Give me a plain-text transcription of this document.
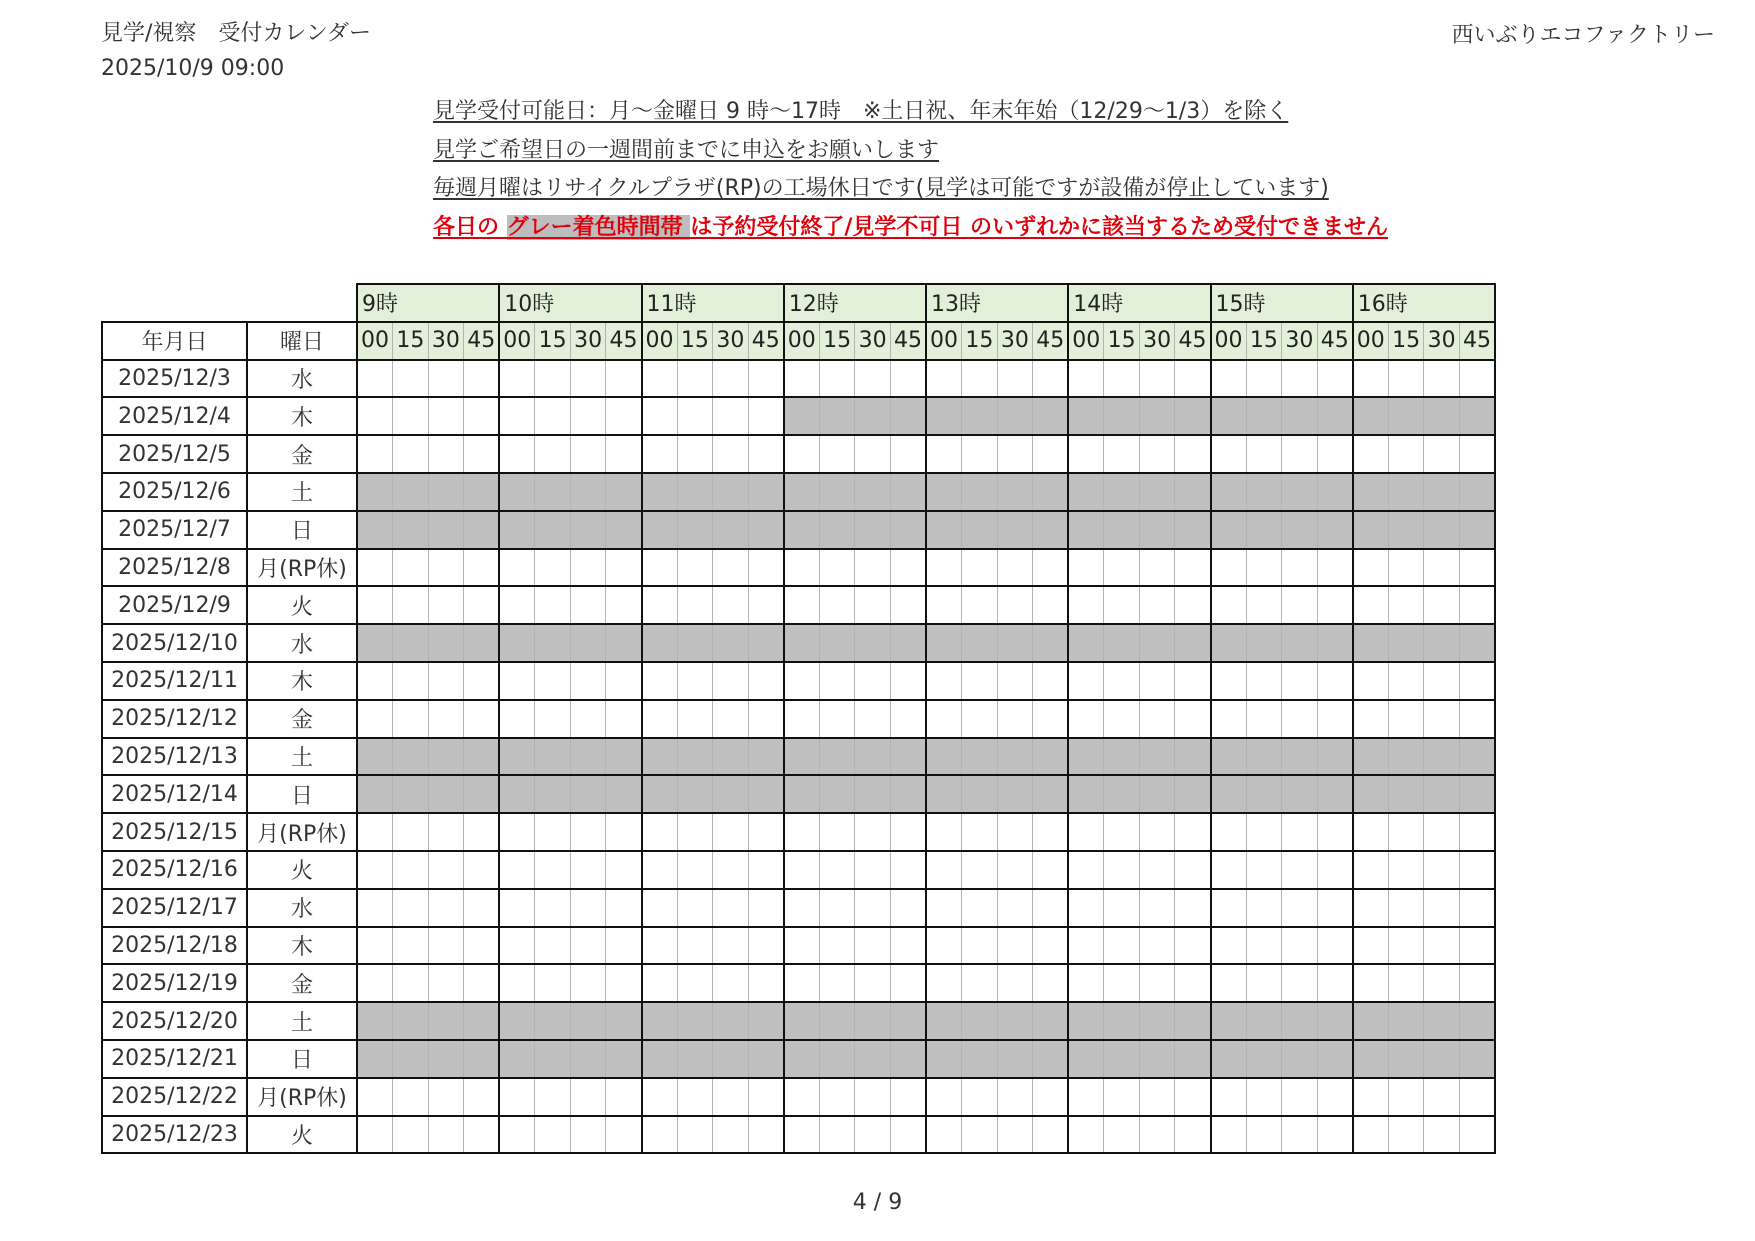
見学/視察　受付カレンダー
2025/10/9 09:00
西いぶりエコファクトリー
見学受付可能日：月～金曜日 9 時～17時　※土日祝、年末年始（12/29～1/3）を除く
見学ご希望日の一週間前までに申込をお願いします
毎週月曜はリサイクルプラザ(RP)の工場休日です(見学は可能ですが設備が停止しています)
各日の グレー着色時間帯 は予約受付終了/見学不可日 のいずれかに該当するため受付できません
		9時				10時				11時				12時				13時				14時				15時				16時			
年月日	曜日	00	15	30	45	00	15	30	45	00	15	30	45	00	15	30	45	00	15	30	45	00	15	30	45	00	15	30	45	00	15	30	45
2025/12/3	水																																
2025/12/4	木																																
2025/12/5	金																																
2025/12/6	土																																
2025/12/7	日																																
2025/12/8	月(RP休)																																
2025/12/9	火																																
2025/12/10	水																																
2025/12/11	木																																
2025/12/12	金																																
2025/12/13	土																																
2025/12/14	日																																
2025/12/15	月(RP休)																																
2025/12/16	火																																
2025/12/17	水																																
2025/12/18	木																																
2025/12/19	金																																
2025/12/20	土																																
2025/12/21	日																																
2025/12/22	月(RP休)																																
2025/12/23	火																																
4 / 9
